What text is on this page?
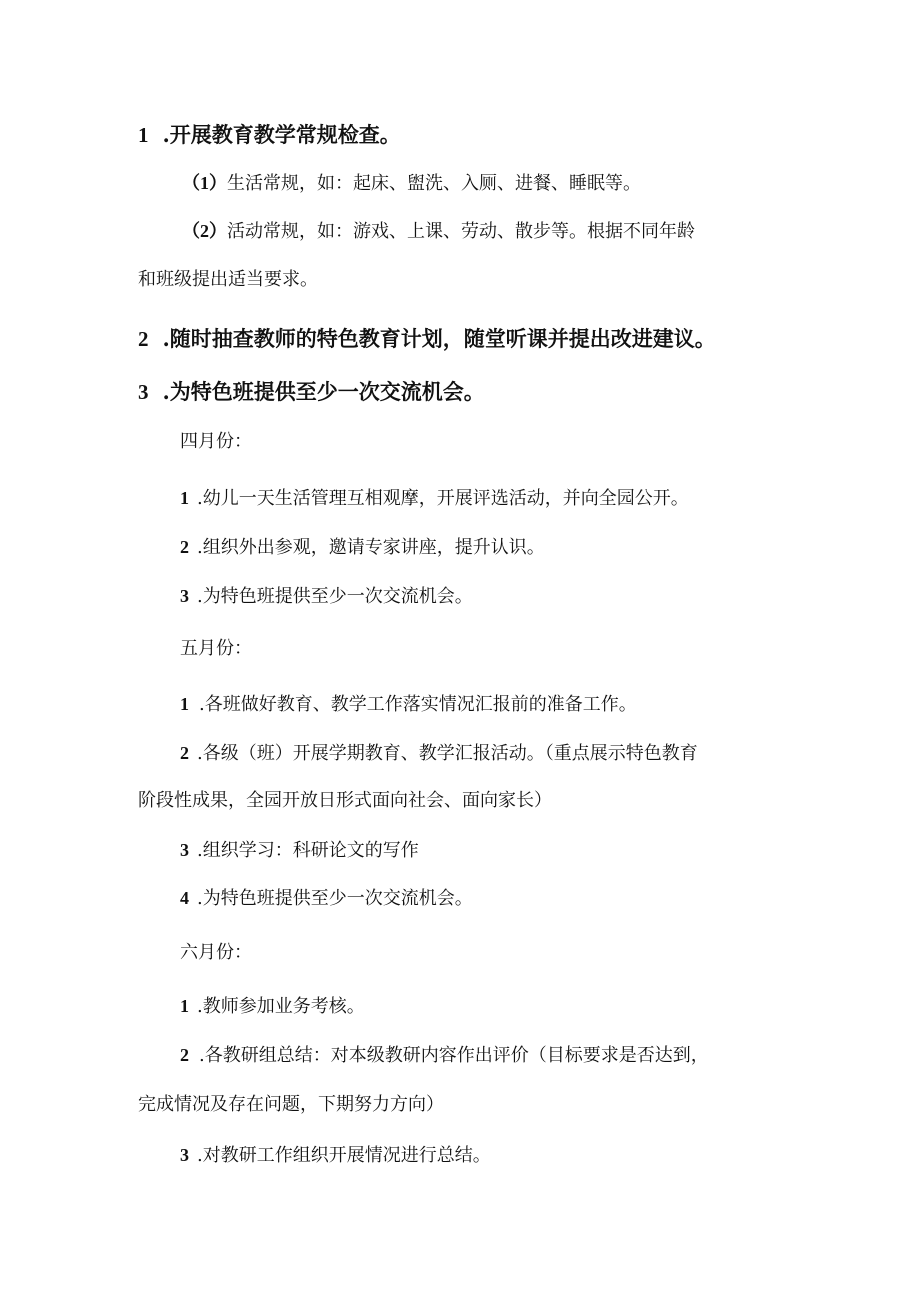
1 .开展教育教学常规检查。
（1）生活常规，如：起床、盥洗、入厕、进餐、睡眠等。
（2）活动常规，如：游戏、上课、劳动、散步等。根据不同年龄
和班级提出适当要求。
2 .随时抽查教师的特色教育计划，随堂听课并提出改进建议。
3 .为特色班提供至少一次交流机会。
四月份：
1 .幼儿一天生活管理互相观摩，开展评选活动，并向全园公开。
2 .组织外出参观，邀请专家讲座，提升认识。
3 .为特色班提供至少一次交流机会。
五月份：
1 .各班做好教育、教学工作落实情况汇报前的准备工作。
2 .各级（班）开展学期教育、教学汇报活动。（重点展示特色教育
阶段性成果，全园开放日形式面向社会、面向家长）
3 .组织学习：科研论文的写作
4 .为特色班提供至少一次交流机会。
六月份：
1 .教师参加业务考核。
2 .各教研组总结：对本级教研内容作出评价（目标要求是否达到，
完成情况及存在问题，下期努力方向）
3 .对教研工作组织开展情况进行总结。
